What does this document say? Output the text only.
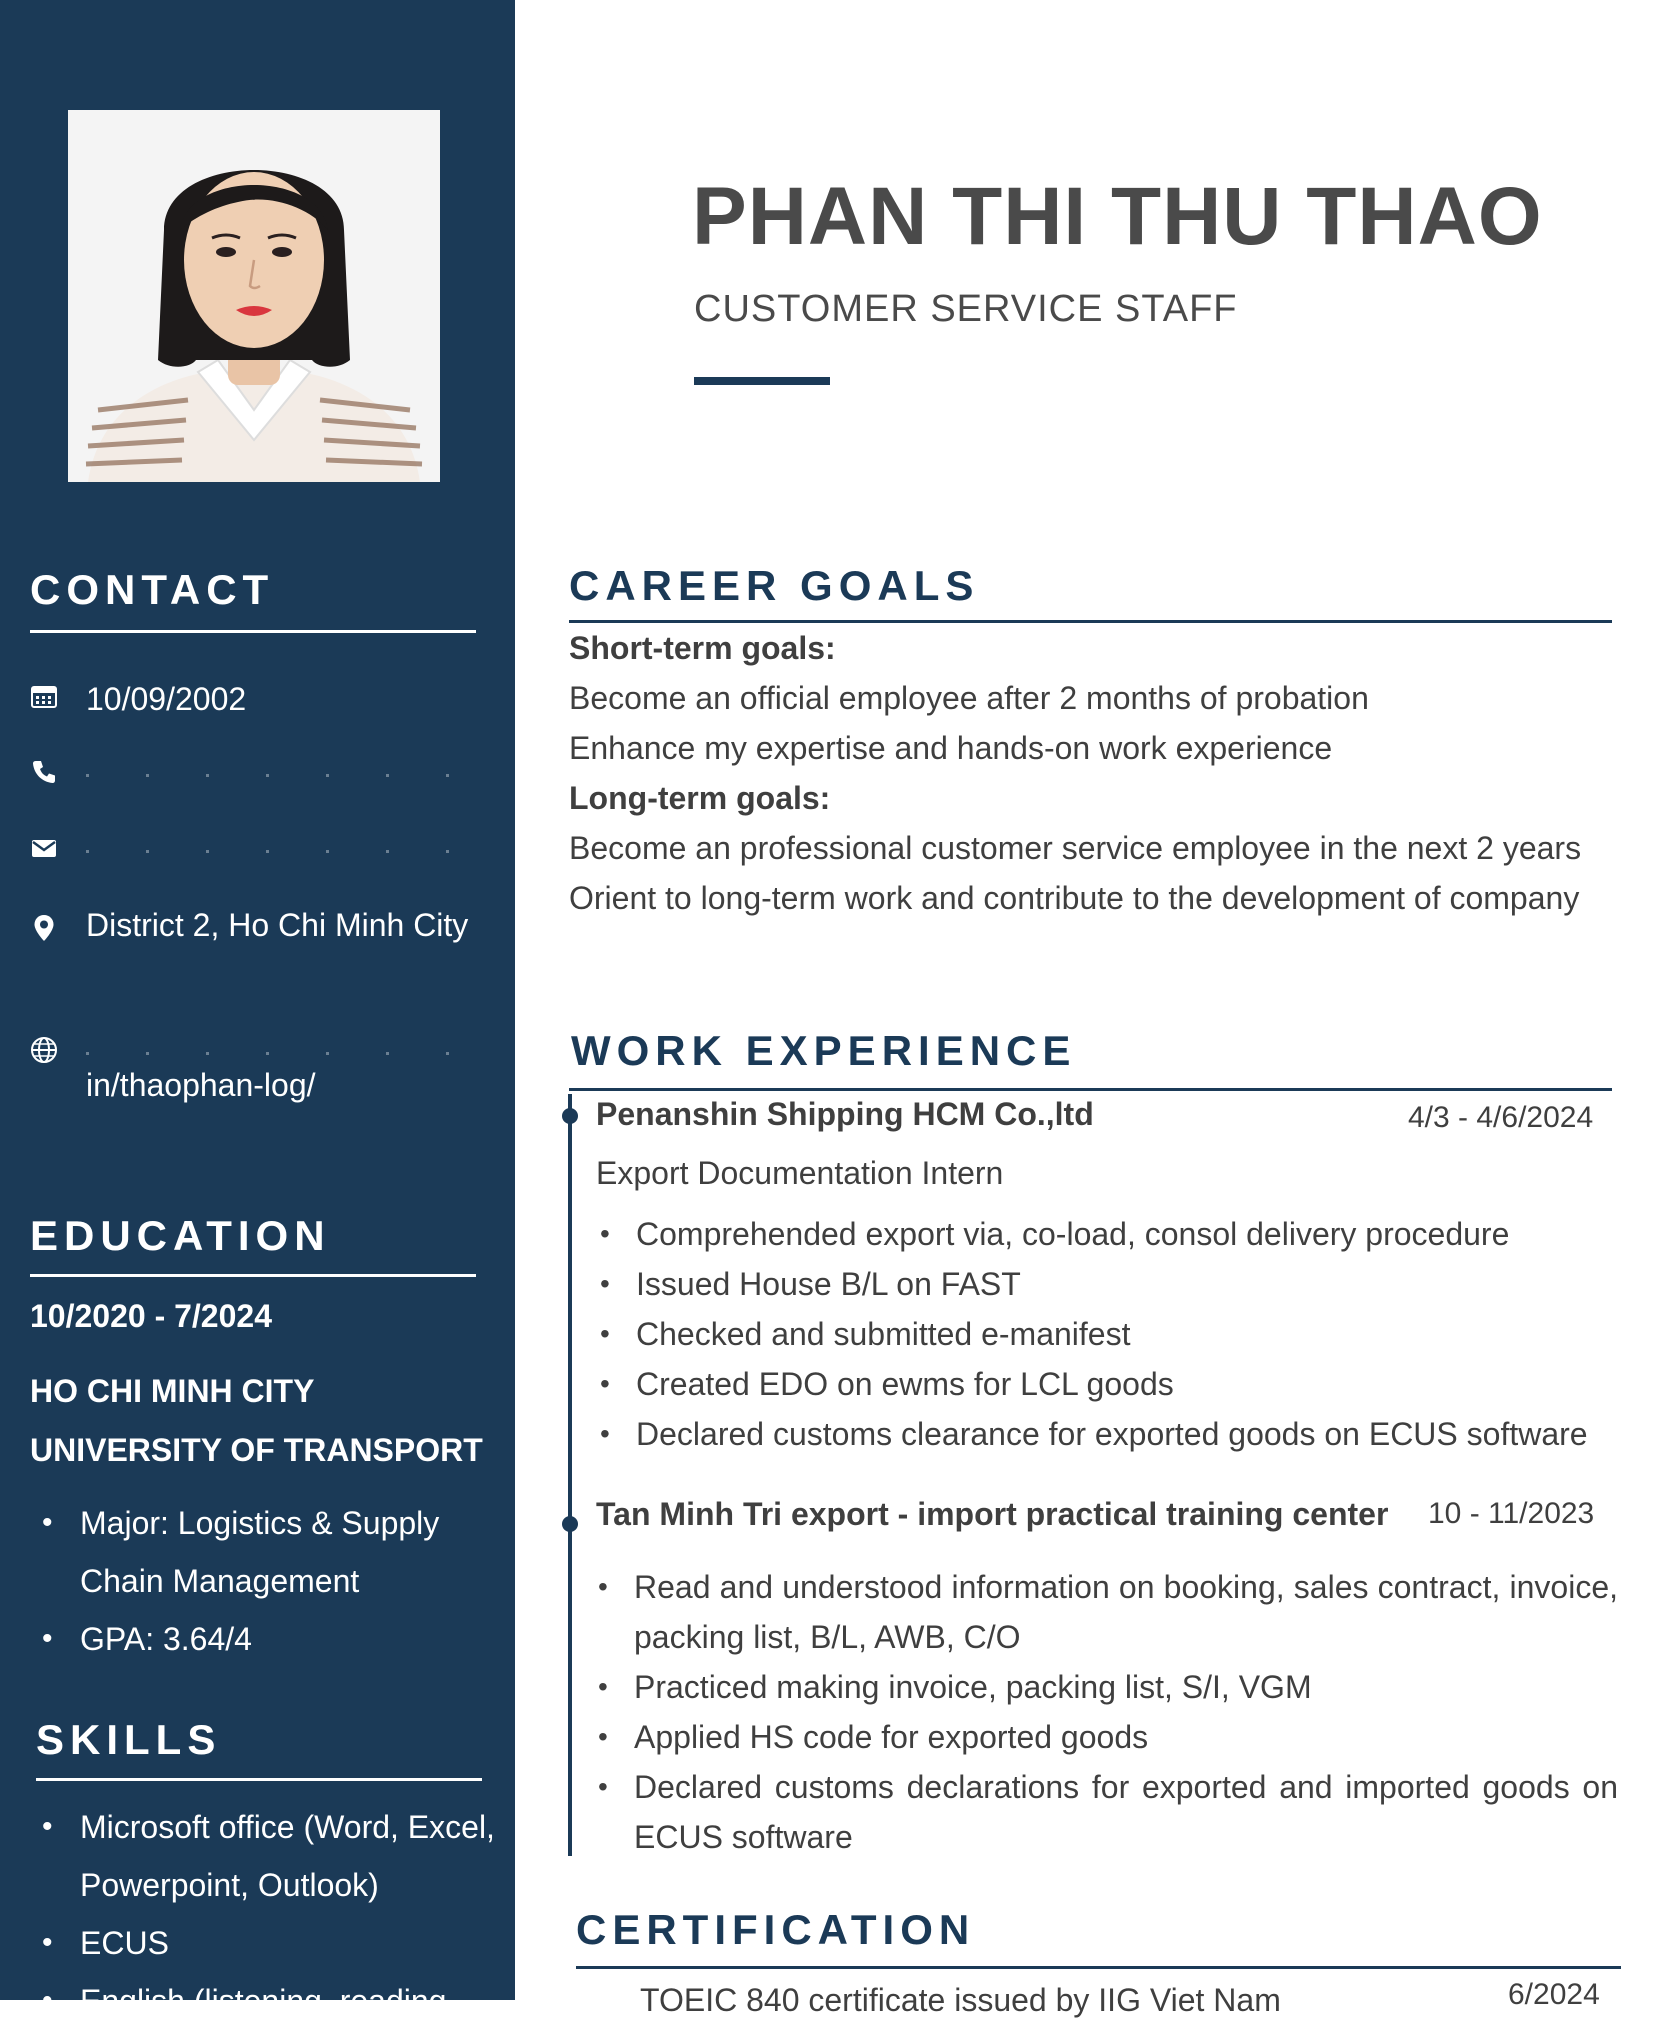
CONTACT
10/09/2002
District 2, Ho Chi Minh City
in/thaophan-log/
EDUCATION
10/2020 - 7/2024
HO CHI MINH CITY
UNIVERSITY OF TRANSPORT
• Major: Logistics & Supply Chain Management
• GPA: 3.64/4
SKILLS
• Microsoft office (Word, Excel, Powerpoint, Outlook)
• ECUS
• English (listening, reading
PHAN THI THU THAO
CUSTOMER SERVICE STAFF
CAREER GOALS
Short-term goals:
Become an official employee after 2 months of probation
Enhance my expertise and hands-on work experience
Long-term goals:
Become an professional customer service employee in the next 2 years
Orient to long-term work and contribute to the development of company
WORK EXPERIENCE
Penanshin Shipping HCM Co.,ltd	4/3 - 4/6/2024
Export Documentation Intern
• Comprehended export via, co-load, consol delivery procedure
• Issued House B/L on FAST
• Checked and submitted e-manifest
• Created EDO on ewms for LCL goods
• Declared customs clearance for exported goods on ECUS software
Tan Minh Tri export - import practical training center 10 - 11/2023
• Read and understood information on booking, sales contract, invoice, packing list, B/L, AWB, C/O
• Practiced making invoice, packing list, S/I, VGM
• Applied HS code for exported goods
• Declared customs declarations for exported and imported goods on ECUS software
CERTIFICATION
TOEIC 840 certificate issued by IIG Viet Nam	6/2024
